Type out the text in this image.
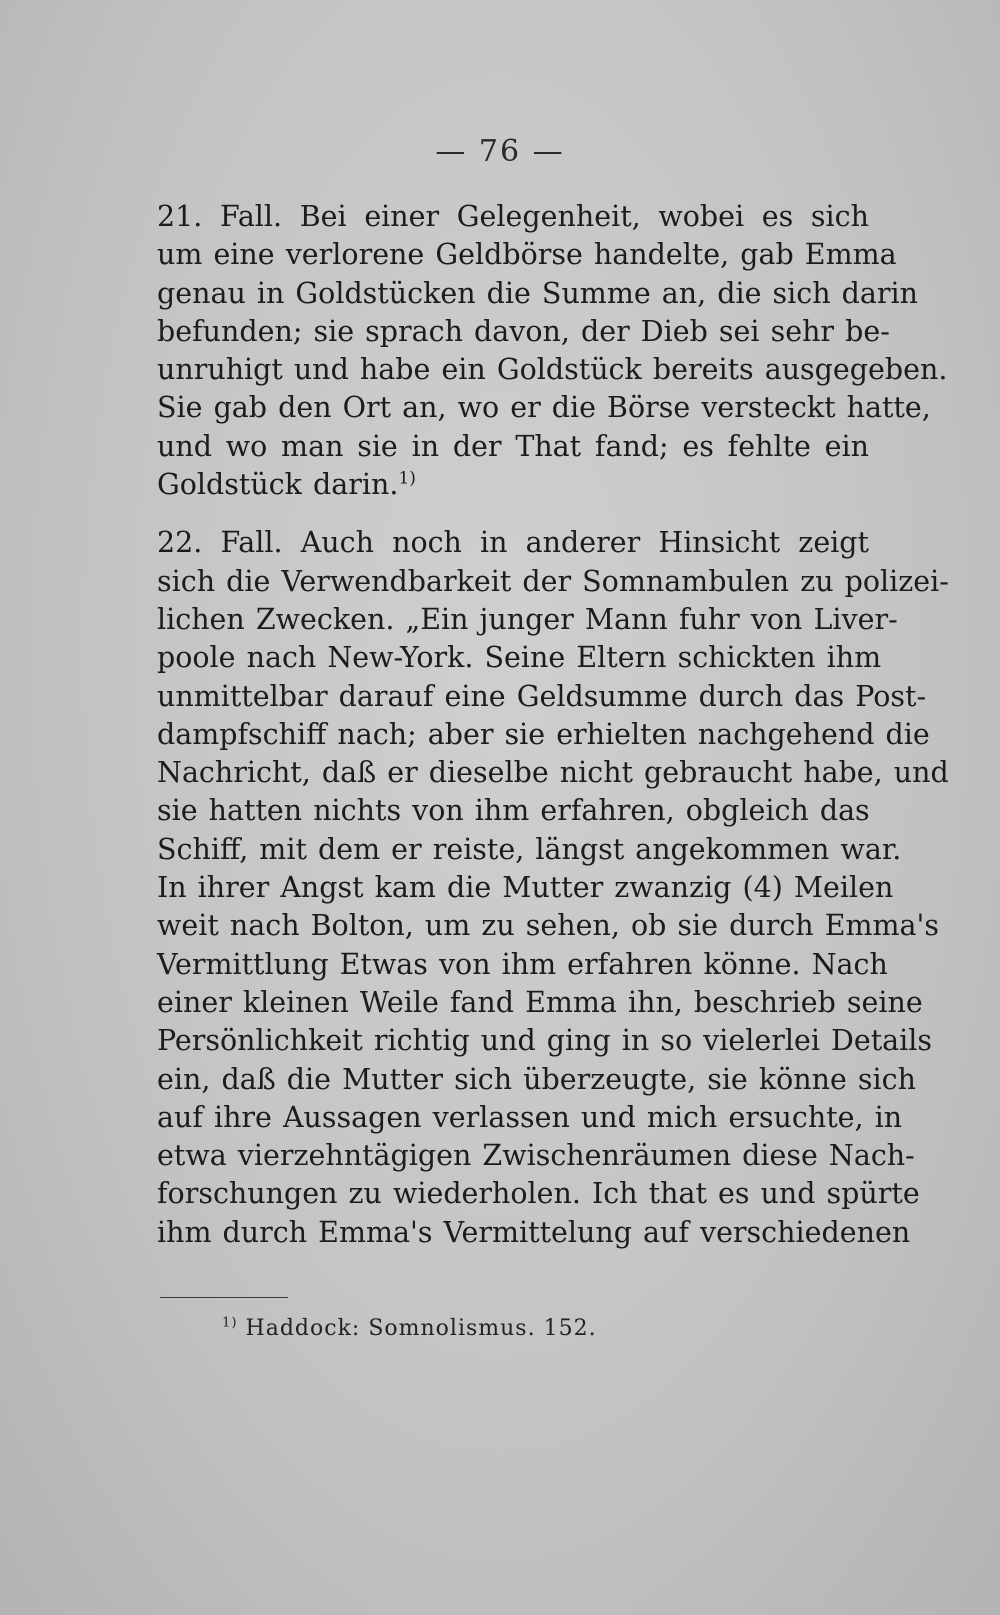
— 76 —
21. Fall. Bei einer Gelegenheit, wobei es sich
um eine verlorene Geldbörse handelte, gab Emma
genau in Goldstücken die Summe an, die sich darin
befunden; sie sprach davon, der Dieb sei sehr be-
unruhigt und habe ein Goldstück bereits ausgegeben.
Sie gab den Ort an, wo er die Börse versteckt hatte,
und wo man sie in der That fand; es fehlte ein
Goldstück darin.$^{1)}$
22. Fall. Auch noch in anderer Hinsicht zeigt
sich die Verwendbarkeit der Somnambulen zu polizei-
lichen Zwecken. „Ein junger Mann fuhr von Liver-
poole nach New-York. Seine Eltern schickten ihm
unmittelbar darauf eine Geldsumme durch das Post-
dampfschiff nach; aber sie erhielten nachgehend die
Nachricht, daß er dieselbe nicht gebraucht habe, und
sie hatten nichts von ihm erfahren, obgleich das
Schiff, mit dem er reiste, längst angekommen war.
In ihrer Angst kam die Mutter zwanzig (4) Meilen
weit nach Bolton, um zu sehen, ob sie durch Emma's
Vermittlung Etwas von ihm erfahren könne. Nach
einer kleinen Weile fand Emma ihn, beschrieb seine
Persönlichkeit richtig und ging in so vielerlei Details
ein, daß die Mutter sich überzeugte, sie könne sich
auf ihre Aussagen verlassen und mich ersuchte, in
etwa vierzehntägigen Zwischenräumen diese Nach-
forschungen zu wiederholen. Ich that es und spürte
ihm durch Emma's Vermittelung auf verschiedenen
$^{1)}$ Haddock: Somnolismus. 152.
